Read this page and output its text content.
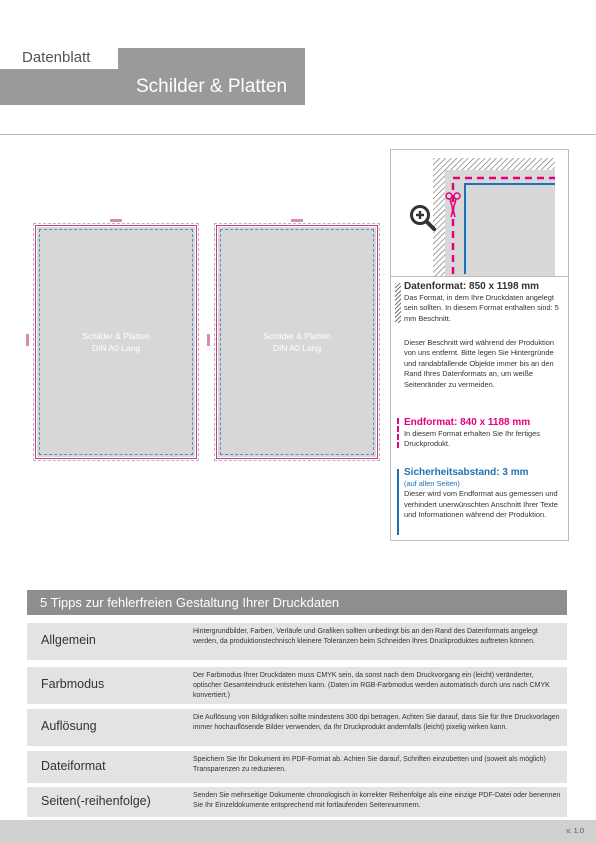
Datenblatt
Schilder & Platten
Schilder & Platten
DIN A0 Lang
Schilder & Platten
DIN A0 Lang
Datenformat: 850 x 1198 mm

Das Format, in dem Ihre Druckdaten angelegt sein sollten. In diesem Format enthalten sind: 5 mm Beschnitt.

Dieser Beschnitt wird während der Produktion von uns entfernt. Bitte legen Sie Hintergründe und randabfallende Objekte immer bis an den Rand Ihres Datenformats an, um weiße Seitenränder zu vermeiden.

Endformat: 840 x 1188 mm

In diesem Format erhalten Sie Ihr fertiges Druckprodukt.

Sicherheitsabstand: 3 mm

(auf allen Seiten)

Dieser wird vom Endformat aus gemessen und verhindert unerwünschten Anschnitt Ihrer Texte und Informationen während der Produktion.

5 Tipps zur fehlerfreien Gestaltung Ihrer Druckdaten
Allgemein
Hintergrundbilder, Farben, Verläufe und Grafiken sollten unbedingt bis an den Rand des Datenformats angelegt werden, da produktionstechnisch kleinere Toleranzen beim Schneiden Ihres Druckproduktes auftreten können.
Farbmodus
Der Farbmodus Ihrer Druckdaten muss CMYK sein, da sonst nach dem Druckvorgang ein (leicht) veränderter, optischer Gesamteindruck entstehen kann. (Daten im RGB-Farbmodus werden automatisch durch uns nach CMYK konvertiert.)
Auflösung
Die Auflösung von Bildgrafiken sollte mindestens 300 dpi betragen. Achten Sie darauf, dass Sie für Ihre Druckvorlagen immer hochauflösende Bilder verwenden, da Ihr Druckprodukt andernfalls (leicht) pixelig wirken kann.
Dateiformat	Speichern Sie Ihr Dokument im PDF-Format ab. Achten Sie darauf, Schriften einzubetten und (soweit als möglich) Transparenzen zu reduzieren.
Seiten(-reihenfolge)	Senden Sie mehrseitige Dokumente chronologisch in korrekter Reihenfolge als eine einzige PDF-Datei oder benennen Sie Ihr Einzeldokumente entsprechend mit fortlaufenden Seitennummern.
v. 1.0
